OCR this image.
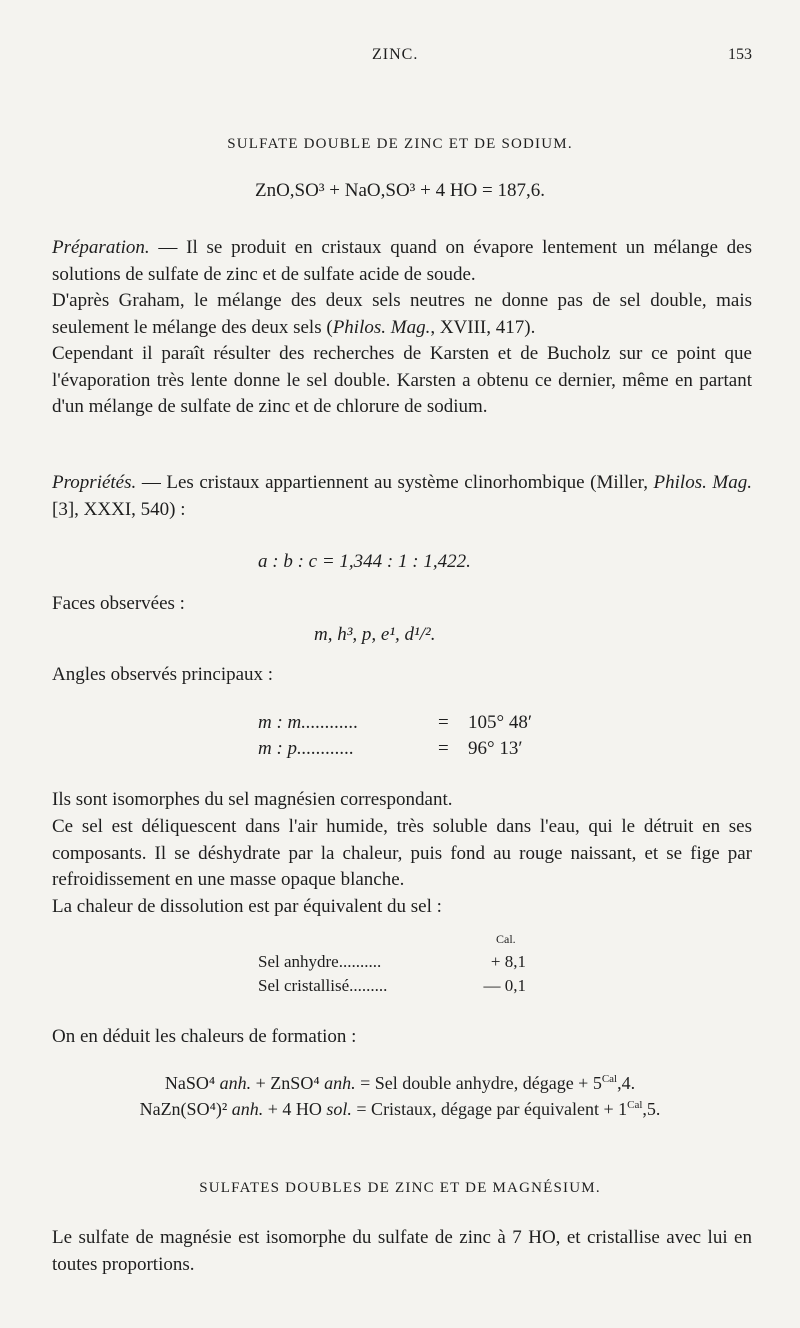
ZINC.	153
SULFATE DOUBLE DE ZINC ET DE SODIUM.
ZnO,SO³ + NaO,SO³ + 4 HO = 187,6.

Préparation. — Il se produit en cristaux quand on évapore lentement un mélange des solutions de sulfate de zinc et de sulfate acide de soude.

D'après Graham, le mélange des deux sels neutres ne donne pas de sel double, mais seulement le mélange des deux sels (Philos. Mag., XVIII, 417).

Cependant il paraît résulter des recherches de Karsten et de Bucholz sur ce point que l'évaporation très lente donne le sel double. Karsten a obtenu ce dernier, même en partant d'un mélange de sulfate de zinc et de chlorure de sodium.

Propriétés. — Les cristaux appartiennent au système clinorhombique (Miller, Philos. Mag. [3], XXXI, 540) :

a : b : c = 1,344 : 1 : 1,422.
Faces observées :
m, h³, p, e¹, d¹/².
Angles observés principaux :
m : m............	= 105° 48′
m : p............	= 96° 13′

Ils sont isomorphes du sel magnésien correspondant.

Ce sel est déliquescent dans l'air humide, très soluble dans l'eau, qui le détruit en ses composants. Il se déshydrate par la chaleur, puis fond au rouge naissant, et se fige par refroidissement en une masse opaque blanche.

La chaleur de dissolution est par équivalent du sel :

Cal.
Sel anhydre..........	+ 8,1
Sel cristallisé.........	— 0,1

On en déduit les chaleurs de formation :

NaSO⁴ anh. + ZnSO⁴ anh. = Sel double anhydre, dégage + $5^{Cal},4$.
NaZn(SO⁴)² anh. + 4 HO sol. = Cristaux, dégage par équivalent + $1^{Cal},5$.
SULFATES DOUBLES DE ZINC ET DE MAGNÉSIUM.

Le sulfate de magnésie est isomorphe du sulfate de zinc à 7 HO, et cristallise avec lui en toutes proportions.
